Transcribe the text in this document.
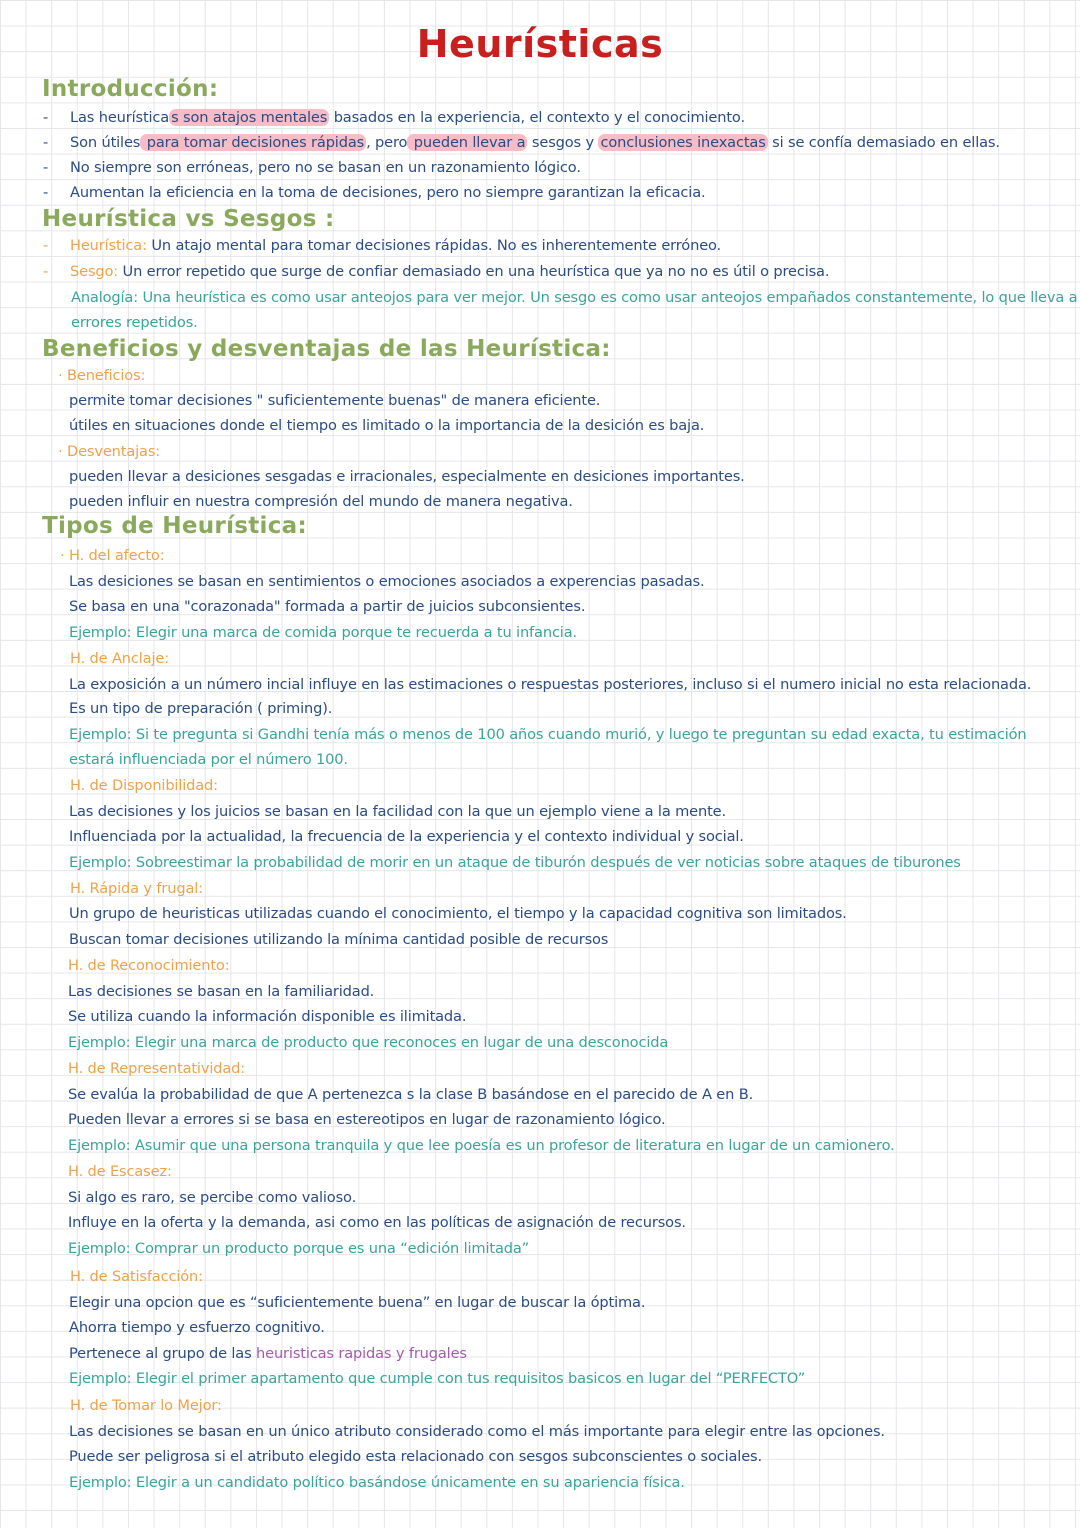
Heurísticas
Introducción:
- Las heurística s son atajos mentales basados en la experiencia, el contexto y el conocimiento.
- Son útiles para tomar decisiones rápidas , pero pueden llevar a sesgos y conclusiones inexactas si se confía demasiado en ellas.
- No siempre son erróneas, pero no se basan en un razonamiento lógico.
- Aumentan la eficiencia en la toma de decisiones, pero no siempre garantizan la eficacia.
Heurística vs Sesgos :
- Heurística: Un atajo mental para tomar decisiones rápidas. No es inherentemente erróneo.
- Sesgo: Un error repetido que surge de confiar demasiado en una heurística que ya no no es útil o precisa.
Analogía: Una heurística es como usar anteojos para ver mejor. Un sesgo es como usar anteojos empañados constantemente, lo que lleva a
errores repetidos.
Beneficios y desventajas de las Heurística:
· Beneficios:
permite tomar decisiones " suficientemente buenas" de manera eficiente.
útiles en situaciones donde el tiempo es limitado o la importancia de la desición es baja.
· Desventajas:
pueden llevar a desiciones sesgadas e irracionales, especialmente en desiciones importantes.
pueden influir en nuestra compresión del mundo de manera negativa.
Tipos de Heurística:
· H. del afecto:
Las desiciones se basan en sentimientos o emociones asociados a experencias pasadas.
Se basa en una "corazonada" formada a partir de juicios subconsientes.
Ejemplo: Elegir una marca de comida porque te recuerda a tu infancia.
H. de Anclaje:
La exposición a un número incial influye en las estimaciones o respuestas posteriores, incluso si el numero inicial no esta relacionada.
Es un tipo de preparación ( priming).
Ejemplo: Si te pregunta si Gandhi tenía más o menos de 100 años cuando murió, y luego te preguntan su edad exacta, tu estimación
estará influenciada por el número 100.
H. de Disponibilidad:
Las decisiones y los juicios se basan en la facilidad con la que un ejemplo viene a la mente.
Influenciada por la actualidad, la frecuencia de la experiencia y el contexto individual y social.
Ejemplo: Sobreestimar la probabilidad de morir en un ataque de tiburón después de ver noticias sobre ataques de tiburones
H. Rápida y frugal:
Un grupo de heuristicas utilizadas cuando el conocimiento, el tiempo y la capacidad cognitiva son limitados.
Buscan tomar decisiones utilizando la mínima cantidad posible de recursos
H. de Reconocimiento:
Las decisiones se basan en la familiaridad.
Se utiliza cuando la información disponible es ilimitada.
Ejemplo: Elegir una marca de producto que reconoces en lugar de una desconocida
H. de Representatividad:
Se evalúa la probabilidad de que A pertenezca s la clase B basándose en el parecido de A en B.
Pueden llevar a errores si se basa en estereotipos en lugar de razonamiento lógico.
Ejemplo: Asumir que una persona tranquila y que lee poesía es un profesor de literatura en lugar de un camionero.
H. de Escasez:
Si algo es raro, se percibe como valioso.
Influye en la oferta y la demanda, asi como en las políticas de asignación de recursos.
Ejemplo: Comprar un producto porque es una “edición limitada”
H. de Satisfacción:
Elegir una opcion que es “suficientemente buena” en lugar de buscar la óptima.
Ahorra tiempo y esfuerzo cognitivo.
Pertenece al grupo de las heuristicas rapidas y frugales
Ejemplo: Elegir el primer apartamento que cumple con tus requisitos basicos en lugar del “PERFECTO”
H. de Tomar lo Mejor:
Las decisiones se basan en un único atributo considerado como el más importante para elegir entre las opciones.
Puede ser peligrosa si el atributo elegido esta relacionado con sesgos subconscientes o sociales.
Ejemplo: Elegir a un candidato político basándose únicamente en su apariencia física.
